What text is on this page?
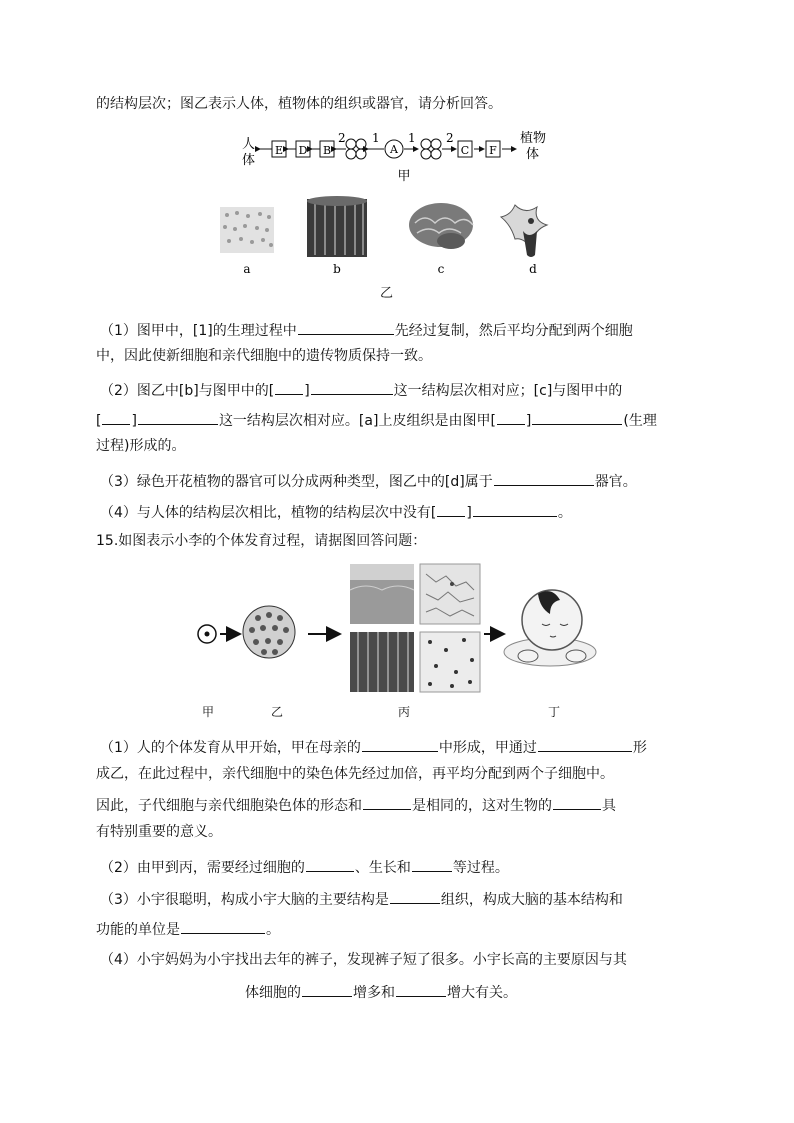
的结构层次；图乙表示人体，植物体的组织或器官，请分析回答。
人
体
E D B
2 1
A
1	2
C F
植物
体
甲
a	b	c	d
乙
（1）图甲中，[1]的生理过程中	先经过复制，然后平均分配到两个细胞
中，因此使新细胞和亲代细胞中的遗传物质保持一致。
（2）图乙中[b]与图甲中的[ ]	这一结构层次相对应；[c]与图甲中的
[ ]	这一结构层次相对应。[a]上皮组织是由图甲[ ]	(生理
过程)形成的。
（3）绿色开花植物的器官可以分成两种类型，图乙中的[d]属于	器官。
（4）与人体的结构层次相比，植物的结构层次中没有[ ]	。
15.如图表示小李的个体发育过程，请据图回答问题：
甲	乙	丙	丁
（1）人的个体发育从甲开始，甲在母亲的	中形成，甲通过	形
成乙，在此过程中，亲代细胞中的染色体先经过加倍，再平均分配到两个子细胞中。
因此，子代细胞与亲代细胞染色体的形态和	是相同的，这对生物的	具
有特别重要的意义。
（2）由甲到丙，需要经过细胞的	、生长和	等过程。
（3）小宇很聪明，构成小宇大脑的主要结构是	组织，构成大脑的基本结构和
功能的单位是	。
（4）小宇妈妈为小宇找出去年的裤子，发现裤子短了很多。小宇长高的主要原因与其
体细胞的	增多和	增大有关。
